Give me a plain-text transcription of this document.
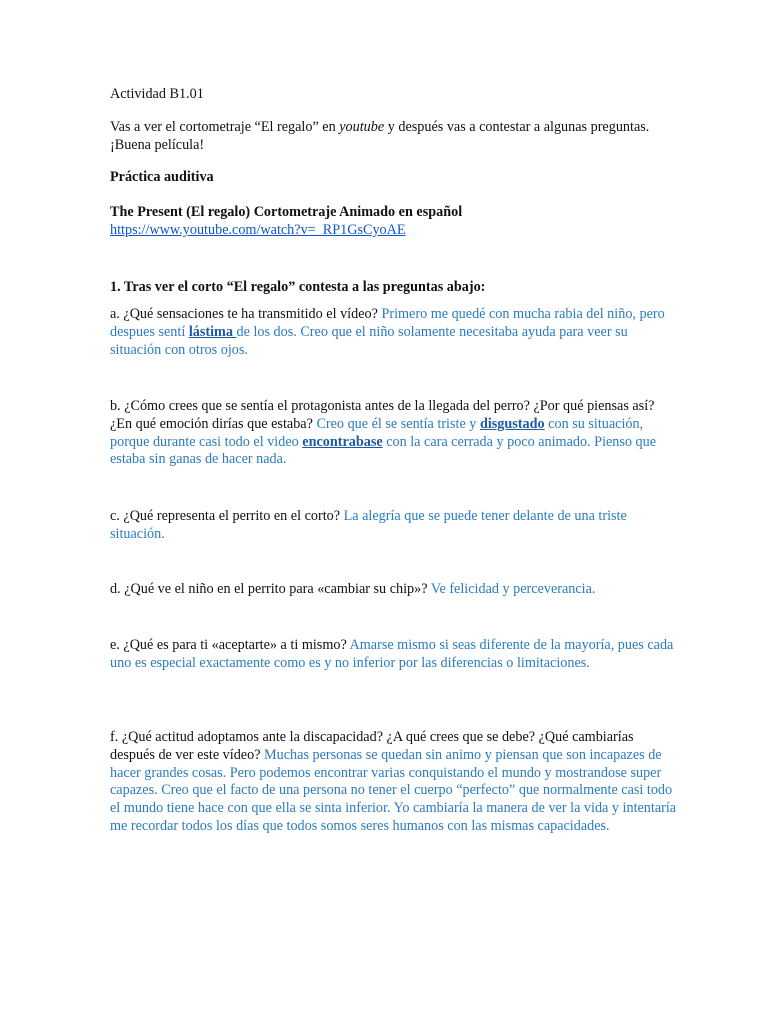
Actividad B1.01

Vas a ver el cortometraje “El regalo” en youtube y después vas a contestar a algunas preguntas. ¡Buena película!

Práctica auditiva

The Present (El regalo) Cortometraje Animado en español
https://www.youtube.com/watch?v=_RP1GsCyoAE

1. Tras ver el corto “El regalo” contesta a las preguntas abajo:

a. ¿Qué sensaciones te ha transmitido el vídeo? Primero me quedé con mucha rabia del niño, pero despues sentí lástima de los dos. Creo que el niño solamente necesitaba ayuda para veer su situación con otros ojos.

b. ¿Cómo crees que se sentía el protagonista antes de la llegada del perro? ¿Por qué piensas así? ¿En qué emoción dirías que estaba? Creo que él se sentía triste y disgustado con su situación, porque durante casi todo el video encontrabase con la cara cerrada y poco animado. Pienso que estaba sin ganas de hacer nada.

c. ¿Qué representa el perrito en el corto? La alegría que se puede tener delante de una triste situación.

d. ¿Qué ve el niño en el perrito para «cambiar su chip»? Ve felicidad y perceverancia.

e. ¿Qué es para ti «aceptarte» a ti mismo? Amarse mismo si seas diferente de la mayoría, pues cada uno es especial exactamente como es y no inferior por las diferencias o limitaciones.

f. ¿Qué actitud adoptamos ante la discapacidad? ¿A qué crees que se debe? ¿Qué cambiarías después de ver este vídeo? Muchas personas se quedan sin animo y piensan que son incapazes de hacer grandes cosas. Pero podemos encontrar varias conquistando el mundo y mostrandose super capazes. Creo que el facto de una persona no tener el cuerpo “perfecto” que normalmente casi todo el mundo tiene hace con que ella se sinta inferior. Yo cambiaría la manera de ver la vida y intentaría me recordar todos los días que todos somos seres humanos con las mismas capacidades.
